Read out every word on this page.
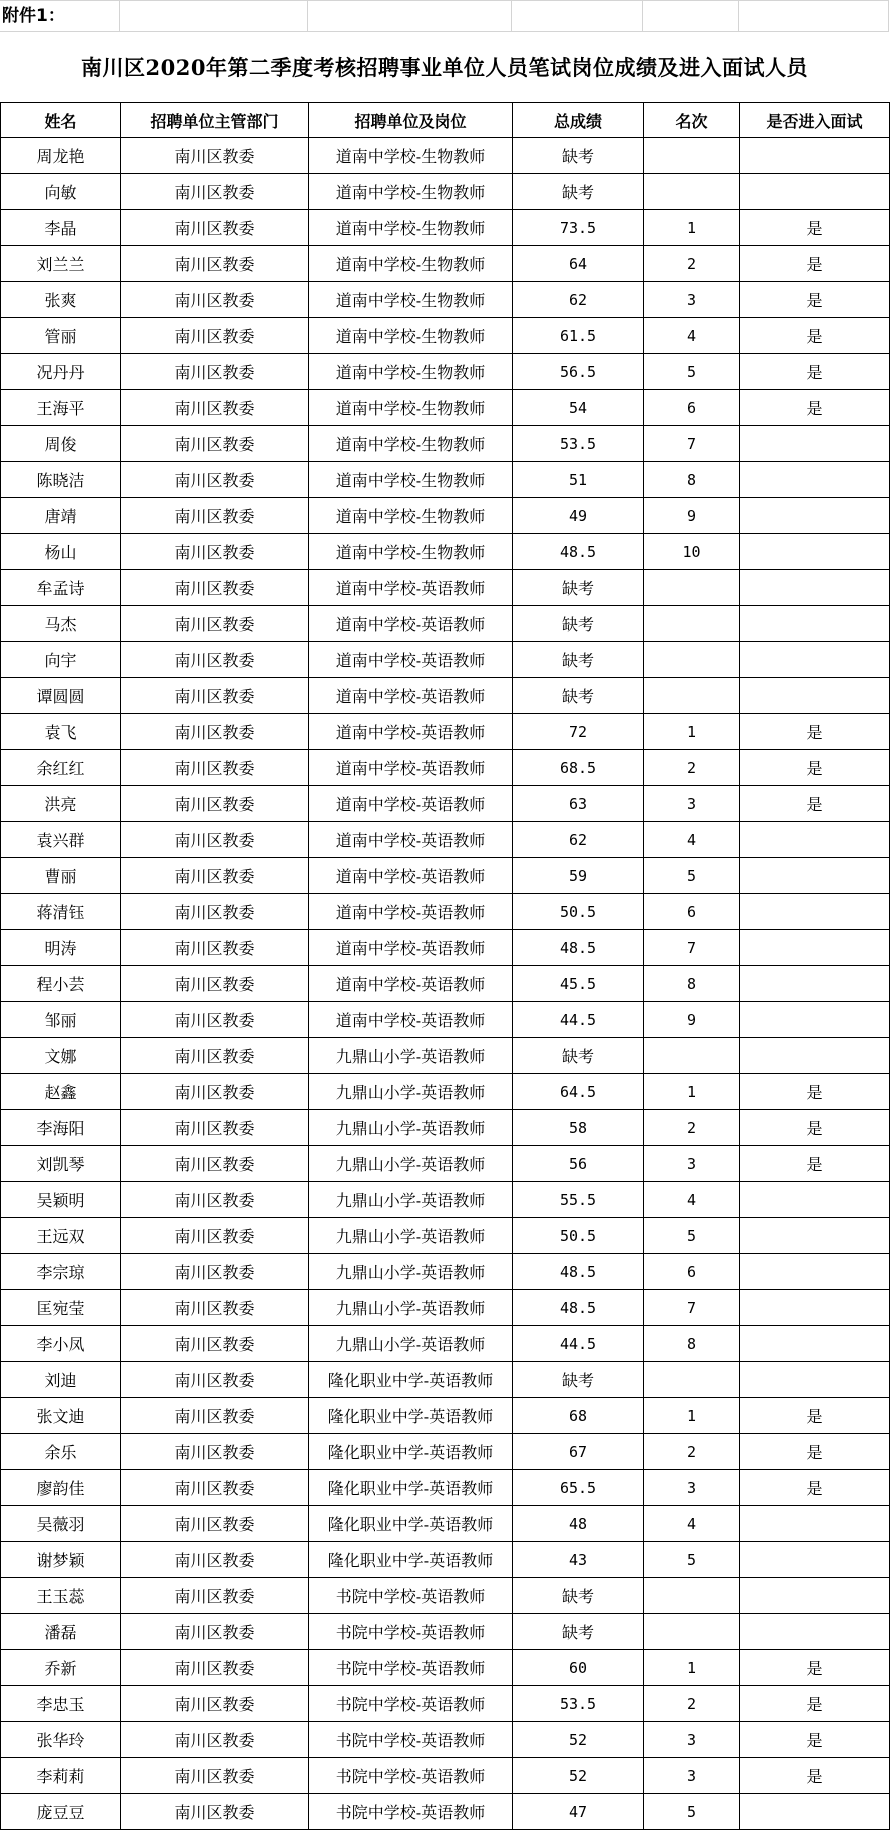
附件1：
南川区2020年第二季度考核招聘事业单位人员笔试岗位成绩及进入面试人员
姓名	招聘单位主管部门	招聘单位及岗位	总成绩	名次	是否进入面试
周龙艳	南川区教委	道南中学校-生物教师	缺考		
向敏	南川区教委	道南中学校-生物教师	缺考		
李晶	南川区教委	道南中学校-生物教师	73.5	1	是
刘兰兰	南川区教委	道南中学校-生物教师	64	2	是
张爽	南川区教委	道南中学校-生物教师	62	3	是
管丽	南川区教委	道南中学校-生物教师	61.5	4	是
况丹丹	南川区教委	道南中学校-生物教师	56.5	5	是
王海平	南川区教委	道南中学校-生物教师	54	6	是
周俊	南川区教委	道南中学校-生物教师	53.5	7	
陈晓洁	南川区教委	道南中学校-生物教师	51	8	
唐靖	南川区教委	道南中学校-生物教师	49	9	
杨山	南川区教委	道南中学校-生物教师	48.5	10	
牟孟诗	南川区教委	道南中学校-英语教师	缺考		
马杰	南川区教委	道南中学校-英语教师	缺考		
向宇	南川区教委	道南中学校-英语教师	缺考		
谭圆圆	南川区教委	道南中学校-英语教师	缺考		
袁飞	南川区教委	道南中学校-英语教师	72	1	是
余红红	南川区教委	道南中学校-英语教师	68.5	2	是
洪亮	南川区教委	道南中学校-英语教师	63	3	是
袁兴群	南川区教委	道南中学校-英语教师	62	4	
曹丽	南川区教委	道南中学校-英语教师	59	5	
蒋清钰	南川区教委	道南中学校-英语教师	50.5	6	
明涛	南川区教委	道南中学校-英语教师	48.5	7	
程小芸	南川区教委	道南中学校-英语教师	45.5	8	
邹丽	南川区教委	道南中学校-英语教师	44.5	9	
文娜	南川区教委	九鼎山小学-英语教师	缺考		
赵鑫	南川区教委	九鼎山小学-英语教师	64.5	1	是
李海阳	南川区教委	九鼎山小学-英语教师	58	2	是
刘凯琴	南川区教委	九鼎山小学-英语教师	56	3	是
吴颖明	南川区教委	九鼎山小学-英语教师	55.5	4	
王远双	南川区教委	九鼎山小学-英语教师	50.5	5	
李宗琼	南川区教委	九鼎山小学-英语教师	48.5	6	
匡宛莹	南川区教委	九鼎山小学-英语教师	48.5	7	
李小凤	南川区教委	九鼎山小学-英语教师	44.5	8	
刘迪	南川区教委	隆化职业中学-英语教师	缺考		
张文迪	南川区教委	隆化职业中学-英语教师	68	1	是
余乐	南川区教委	隆化职业中学-英语教师	67	2	是
廖韵佳	南川区教委	隆化职业中学-英语教师	65.5	3	是
吴薇羽	南川区教委	隆化职业中学-英语教师	48	4	
谢梦颖	南川区教委	隆化职业中学-英语教师	43	5	
王玉蕊	南川区教委	书院中学校-英语教师	缺考		
潘磊	南川区教委	书院中学校-英语教师	缺考		
乔新	南川区教委	书院中学校-英语教师	60	1	是
李忠玉	南川区教委	书院中学校-英语教师	53.5	2	是
张华玲	南川区教委	书院中学校-英语教师	52	3	是
李莉莉	南川区教委	书院中学校-英语教师	52	3	是
庞豆豆	南川区教委	书院中学校-英语教师	47	5	
